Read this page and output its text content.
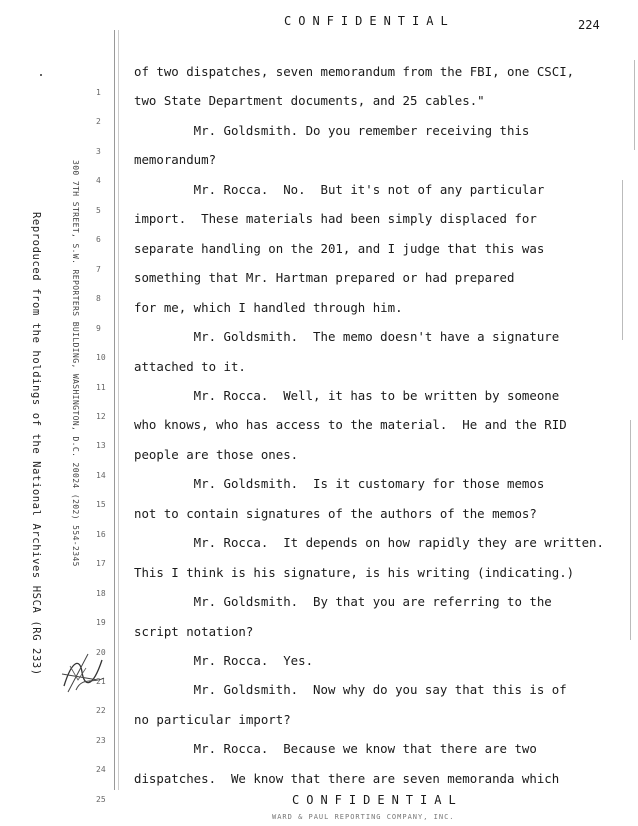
CONFIDENTIAL	224
of two dispatches, seven memorandum from the FBI, one CSCI,
two State Department documents, and 25 cables."
Mr. Goldsmith. Do you remember receiving this
memorandum?
Mr. Rocca.  No.  But it's not of any particular
import.  These materials had been simply displaced for
separate handling on the 201, and I judge that this was
something that Mr. Hartman prepared or had prepared
for me, which I handled through him.
Mr. Goldsmith.  The memo doesn't have a signature
attached to it.
Mr. Rocca.  Well, it has to be written by someone
who knows, who has access to the material.  He and the RID
people are those ones.
Mr. Goldsmith.  Is it customary for those memos
not to contain signatures of the authors of the memos?
Mr. Rocca.  It depends on how rapidly they are written.
This I think is his signature, is his writing (indicating.)
Mr. Goldsmith.  By that you are referring to the
script notation?
Mr. Rocca.  Yes.
Mr. Goldsmith.  Now why do you say that this is of
no particular import?
Mr. Rocca.  Because we know that there are two
dispatches.  We know that there are seven memoranda which
1
2
3
4
5
6
7
8
9
10
11
12
13
14
15
16
17
18
19
20
21
22
23
24
25
Reproduced from the holdings of the National Archives HSCA (RG 233)	300 7TH STREET, S.W. REPORTERS BUILDING, WASHINGTON, D.C. 20024 (202) 554-2345
CONFIDENTIAL
WARD & PAUL REPORTING COMPANY, INC.
